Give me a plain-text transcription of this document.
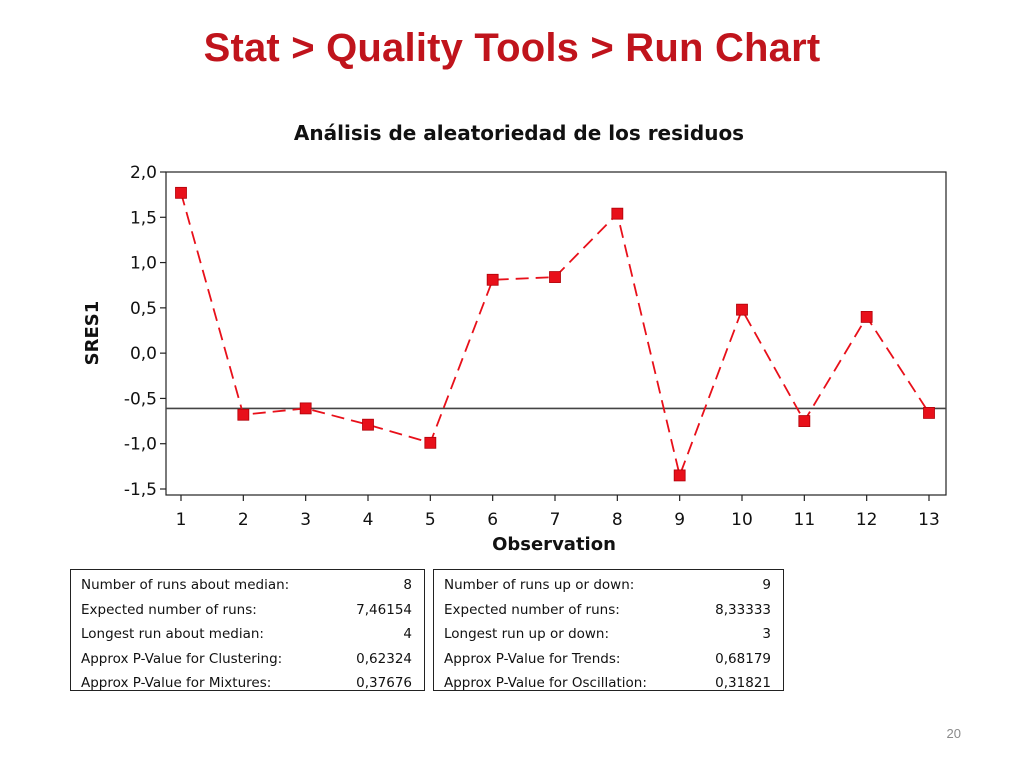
Stat > Quality Tools > Run Chart
Análisis de aleatoriedad de los residuos
2,0
1,5
1,0
0,5
0,0
-0,5
-1,0
-1,5
1	2	3	4	5	6	7	8	9	10 11 12 13
SRES1
Observation
Number of runs about median:	8
Expected number of runs:	7,46154
Longest run about median:	4
Approx P-Value for Clustering:	0,62324
Approx P-Value for Mixtures:	0,37676
Number of runs up or down:	9
Expected number of runs:	8,33333
Longest run up or down:	3
Approx P-Value for Trends:	0,68179
Approx P-Value for Oscillation:	0,31821
20
